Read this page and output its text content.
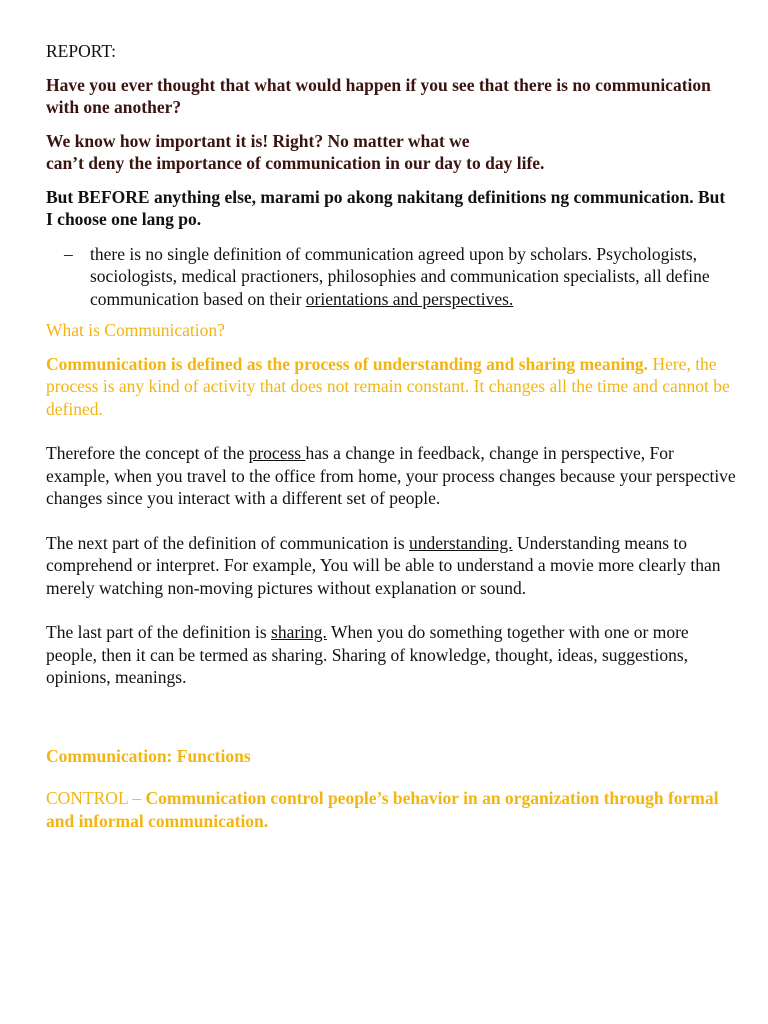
REPORT:

Have you ever thought that what would happen if you see that there is no communication with one another?

We know how important it is! Right? No matter what we
can’t deny the importance of communication in our day to day life.

But BEFORE anything else, marami po akong nakitang definitions ng communication. But I choose one lang po.

– there is no single definition of communication agreed upon by scholars. Psychologists, sociologists, medical practioners, philosophies and communication specialists, all define communication based on their orientations and perspectives.

What is Communication?

Communication is defined as the process of understanding and sharing meaning. Here, the process is any kind of activity that does not remain constant. It changes all the time and cannot be defined.

Therefore the concept of the process has a change in feedback, change in perspective, For example, when you travel to the office from home, your process changes because your perspective changes since you interact with a different set of people.

The next part of the definition of communication is understanding. Understanding means to comprehend or interpret. For example, You will be able to understand a movie more clearly than merely watching non-moving pictures without explanation or sound.

The last part of the definition is sharing. When you do something together with one or more people, then it can be termed as sharing. Sharing of knowledge, thought, ideas, suggestions, opinions, meanings.

Communication: Functions

CONTROL – Communication control people’s behavior in an organization through formal and informal communication.
